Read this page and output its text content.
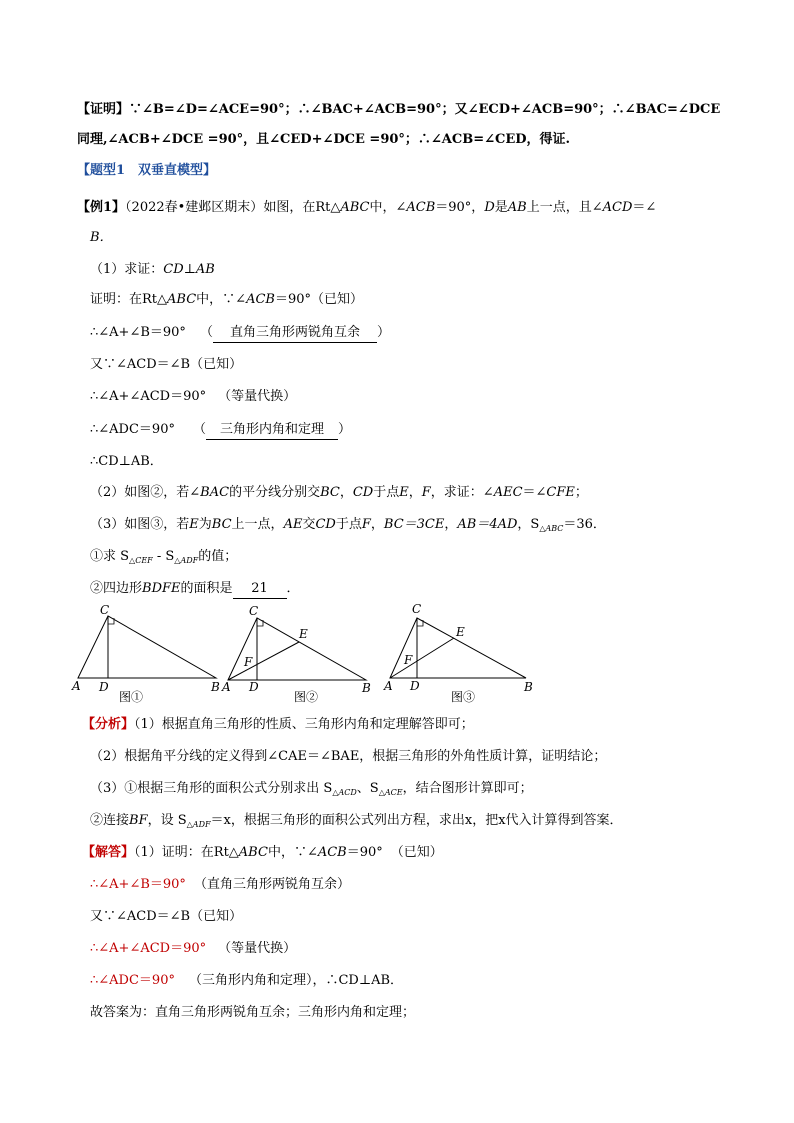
【证明】∵∠B=∠D=∠ACE=90°；∴∠BAC+∠ACB=90°；又∠ECD+∠ACB=90°；∴∠BAC=∠DCE
同理,∠ACB+∠DCE =90°，且∠CED+∠DCE =90°；∴∠ACB=∠CED，得证.
【题型1　双垂直模型】
【例1】（2022春•建邺区期末）如图，在Rt△ABC中，∠ACB＝90°，D是AB上一点，且∠ACD＝∠
B．
（1）求证：CD⊥AB
证明：在Rt△ABC中，∵∠ACB＝90°（已知）
∴∠A+∠B＝90° （ 直角三角形两锐角互余 ）
又∵∠ACD＝∠B（已知）
∴∠A+∠ACD＝90° （等量代换）
∴∠ADC＝90° （ 三角形内角和定理 ）
∴CD⊥AB．
（2）如图②，若∠BAC的平分线分别交BC，CD于点E，F，求证：∠AEC＝∠CFE；
（3）如图③，若E为BC上一点，AE交CD于点F，BC＝3CE，AB＝4AD，$S_{\triangle ABC}=36$．
①求 $S_{\triangle CEF} - S_{\triangle ADF}$的值；
②四边形BDFE的面积是 21 ．
C
A D	B
图①
C
E
F
A D	B
图②
C
E
F
A D	B
图③
【分析】（1）根据直角三角形的性质、三角形内角和定理解答即可；
（2）根据角平分线的定义得到∠CAE＝∠BAE，根据三角形的外角性质计算，证明结论；
（3）①根据三角形的面积公式分别求出 $S_{\triangle ACD}$、$S_{\triangle ACE}$，结合图形计算即可；
②连接BF，设 $S_{\triangle ADF}=x$，根据三角形的面积公式列出方程，求出x，把x代入计算得到答案．
【解答】（1）证明：在Rt△ABC中，∵∠ACB＝90° （已知）
∴∠A+∠B＝90° （直角三角形两锐角互余）
又∵∠ACD＝∠B（已知）
∴∠A+∠ACD＝90° （等量代换）
∴∠ADC＝90° （三角形内角和定理），∴CD⊥AB．
故答案为：直角三角形两锐角互余；三角形内角和定理；
